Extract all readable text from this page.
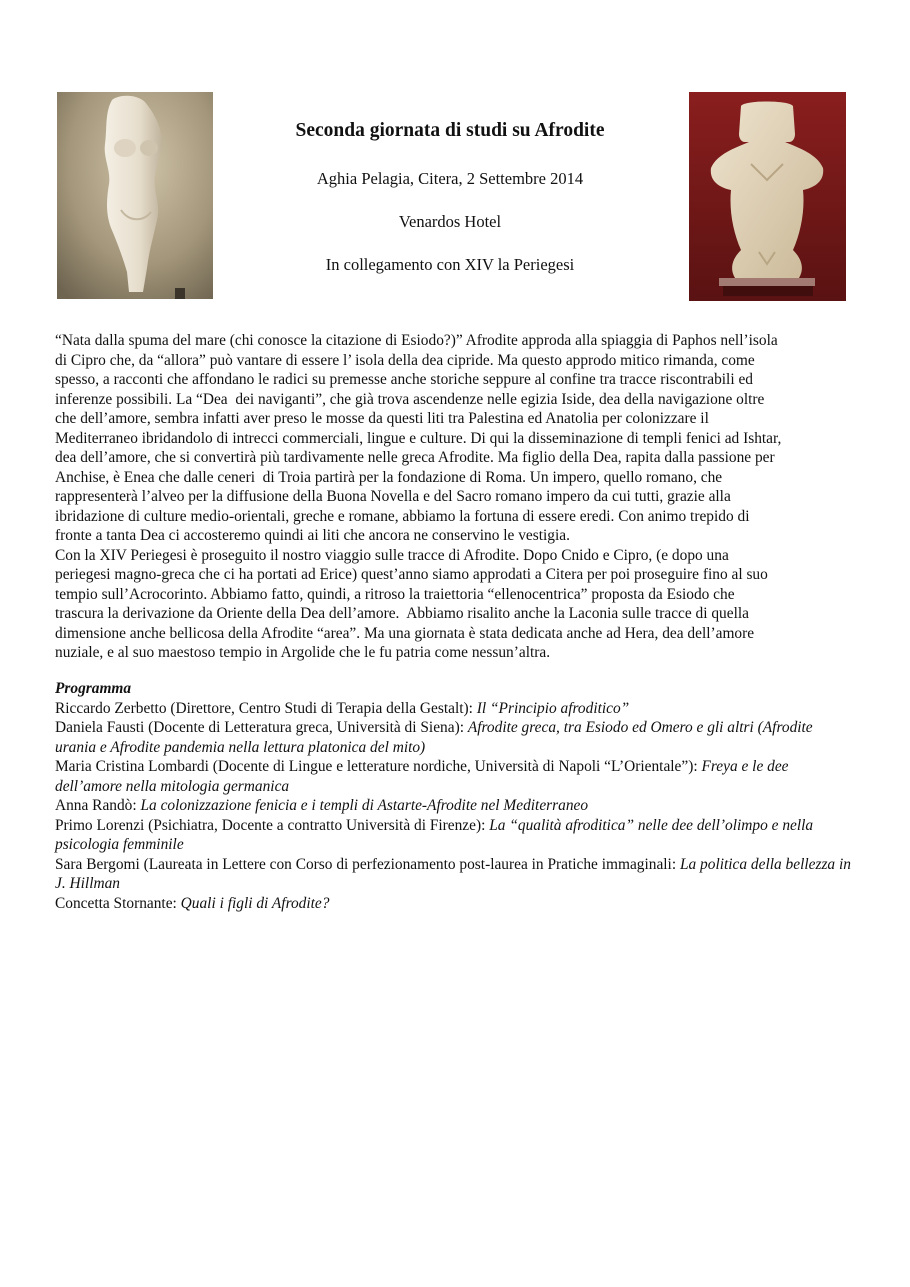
Seconda giornata di studi su Afrodite
Aghia Pelagia, Citera, 2 Settembre 2014
Venardos Hotel
In collegamento con XIV la Periegesi
“Nata dalla spuma del mare (chi conosce la citazione di Esiodo?)” Afrodite approda alla spiaggia di Paphos nell’isola
di Cipro che, da “allora” può vantare di essere l’ isola della dea cipride. Ma questo approdo mitico rimanda, come
spesso, a racconti che affondano le radici su premesse anche storiche seppure al confine tra tracce riscontrabili ed
inferenze possibili. La “Dea  dei naviganti”, che già trova ascendenze nelle egizia Iside, dea della navigazione oltre
che dell’amore, sembra infatti aver preso le mosse da questi liti tra Palestina ed Anatolia per colonizzare il
Mediterraneo ibridandolo di intrecci commerciali, lingue e culture. Di qui la disseminazione di templi fenici ad Ishtar,
dea dell’amore, che si convertirà più tardivamente nelle greca Afrodite. Ma figlio della Dea, rapita dalla passione per
Anchise, è Enea che dalle ceneri  di Troia partirà per la fondazione di Roma. Un impero, quello romano, che
rappresenterà l’alveo per la diffusione della Buona Novella e del Sacro romano impero da cui tutti, grazie alla
ibridazione di culture medio-orientali, greche e romane, abbiamo la fortuna di essere eredi. Con animo trepido di
fronte a tanta Dea ci accosteremo quindi ai liti che ancora ne conservino le vestigia.
Con la XIV Periegesi è proseguito il nostro viaggio sulle tracce di Afrodite. Dopo Cnido e Cipro, (e dopo una
periegesi magno-greca che ci ha portati ad Erice) quest’anno siamo approdati a Citera per poi proseguire fino al suo
tempio sull’Acrocorinto. Abbiamo fatto, quindi, a ritroso la traiettoria “ellenocentrica” proposta da Esiodo che
trascura la derivazione da Oriente della Dea dell’amore.  Abbiamo risalito anche la Laconia sulle tracce di quella
dimensione anche bellicosa della Afrodite “area”. Ma una giornata è stata dedicata anche ad Hera, dea dell’amore
nuziale, e al suo maestoso tempio in Argolide che le fu patria come nessun’altra.
Programma
Riccardo Zerbetto (Direttore, Centro Studi di Terapia della Gestalt): Il “Principio afroditico”
Daniela Fausti (Docente di Letteratura greca, Università di Siena): Afrodite greca, tra Esiodo ed Omero e gli altri (Afrodite urania e Afrodite pandemia nella lettura platonica del mito)
Maria Cristina Lombardi (Docente di Lingue e letterature nordiche, Università di Napoli “L’Orientale”): Freya e le dee dell’amore nella mitologia germanica
Anna Randò: La colonizzazione fenicia e i templi di Astarte-Afrodite nel Mediterraneo
Primo Lorenzi (Psichiatra, Docente a contratto Università di Firenze): La “qualità afroditica” nelle dee dell’olimpo e nella psicologia femminile
Sara Bergomi (Laureata in Lettere con Corso di perfezionamento post-laurea in Pratiche immaginali: La politica della bellezza in J. Hillman
Concetta Stornante: Quali i figli di Afrodite?
